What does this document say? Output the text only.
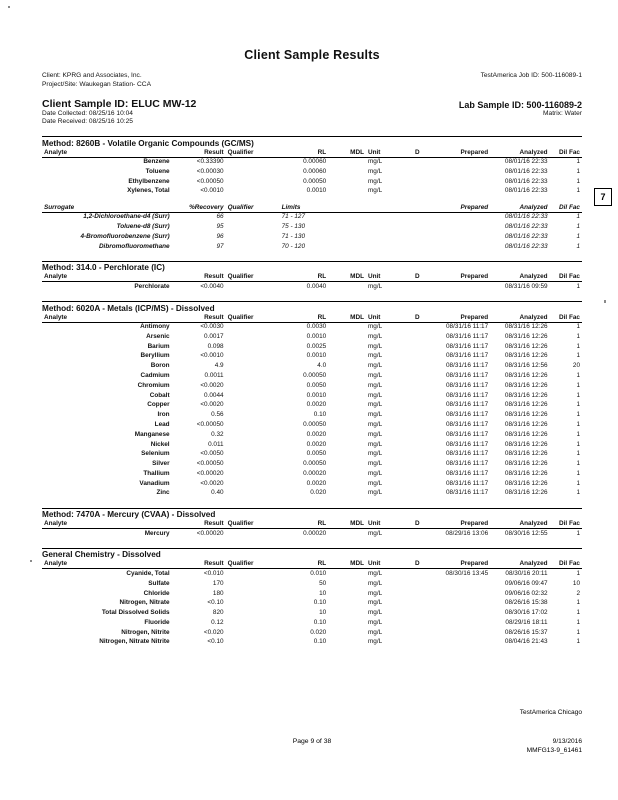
Client Sample Results
Client: KPRG and Associates, Inc.	TestAmerica Job ID: 500-116089-1
Project/Site: Waukegan Station- CCA
Client Sample ID: ELUC MW-12	Lab Sample ID: 500-116089-2
Date Collected: 08/25/16 10:04	Matrix: Water
Date Received: 08/25/16 10:25
Method: 8260B - Volatile Organic Compounds (GC/MS)
Analyte	Result	Qualifier	RL	MDL	Unit	D	Prepared	Analyzed	Dil Fac
Benzene	<0.33390		0.00060		mg/L			08/01/16 22:33	1
Toluene	<0.00030		0.00060		mg/L			08/01/16 22:33	1
Ethylbenzene	<0.00050		0.00050		mg/L			08/01/16 22:33	1
Xylenes, Total	<0.0010		0.0010		mg/L			08/01/16 22:33	1
Surrogate	%Recovery	Qualifier	Limits				Prepared	Analyzed	Dil Fac
1,2-Dichloroethane-d4 (Surr)	66		71 - 127					08/01/16 22:33	1
Toluene-d8 (Surr)	95		75 - 130					08/01/16 22:33	1
4-Bromofluorobenzene (Surr)	96		71 - 130					08/01/16 22:33	1
Dibromofluoromethane	97		70 - 120					08/01/16 22:33	1
Method: 314.0 - Perchlorate (IC)
Analyte	Result	Qualifier	RL	MDL	Unit	D	Prepared	Analyzed	Dil Fac
Perchlorate	<0.0040		0.0040		mg/L			08/31/16 09:59	1
Method: 6020A - Metals (ICP/MS) - Dissolved
Analyte	Result	Qualifier	RL	MDL	Unit	D	Prepared	Analyzed	Dil Fac
Antimony	<0.0030		0.0030		mg/L		08/31/16 11:17	08/31/16 12:26	1
Arsenic	0.0017		0.0010		mg/L		08/31/16 11:17	08/31/16 12:26	1
Barium	0.098		0.0025		mg/L		08/31/16 11:17	08/31/16 12:26	1
Beryllium	<0.0010		0.0010		mg/L		08/31/16 11:17	08/31/16 12:26	1
Boron	4.9		4.0		mg/L		08/31/16 11:17	08/31/16 12:56	20
Cadmium	0.0011		0.00050		mg/L		08/31/16 11:17	08/31/16 12:26	1
Chromium	<0.0020		0.0050		mg/L		08/31/16 11:17	08/31/16 12:26	1
Cobalt	0.0044		0.0010		mg/L		08/31/16 11:17	08/31/16 12:26	1
Copper	<0.0020		0.0020		mg/L		08/31/16 11:17	08/31/16 12:26	1
Iron	0.56		0.10		mg/L		08/31/16 11:17	08/31/16 12:26	1
Lead	<0.00050		0.00050		mg/L		08/31/16 11:17	08/31/16 12:26	1
Manganese	0.32		0.0020		mg/L		08/31/16 11:17	08/31/16 12:26	1
Nickel	0.011		0.0020		mg/L		08/31/16 11:17	08/31/16 12:26	1
Selenium	<0.0050		0.0050		mg/L		08/31/16 11:17	08/31/16 12:26	1
Silver	<0.00050		0.00050		mg/L		08/31/16 11:17	08/31/16 12:26	1
Thallium	<0.00020		0.00020		mg/L		08/31/16 11:17	08/31/16 12:26	1
Vanadium	<0.0020		0.0020		mg/L		08/31/16 11:17	08/31/16 12:26	1
Zinc	0.40		0.020		mg/L		08/31/16 11:17	08/31/16 12:26	1
Method: 7470A - Mercury (CVAA) - Dissolved
Analyte	Result	Qualifier	RL	MDL	Unit	D	Prepared	Analyzed	Dil Fac
Mercury	<0.00020		0.00020		mg/L		08/29/16 13:06	08/30/16 12:55	1
General Chemistry - Dissolved
Analyte	Result	Qualifier	RL	MDL	Unit	D	Prepared	Analyzed	Dil Fac
Cyanide, Total	<0.010		0.010		mg/L		08/30/16 13:45	08/30/16 20:11	1
Sulfate	170		50		mg/L			09/06/16 09:47	10
Chloride	180		10		mg/L			09/06/16 02:32	2
Nitrogen, Nitrate	<0.10		0.10		mg/L			08/26/16 15:38	1
Total Dissolved Solids	820		10		mg/L			08/30/16 17:02	1
Fluoride	0.12		0.10		mg/L			08/29/16 18:11	1
Nitrogen, Nitrite	<0.020		0.020		mg/L			08/26/16 15:37	1
Nitrogen, Nitrate Nitrite	<0.10		0.10		mg/L			08/04/16 21:43	1
TestAmerica Chicago
Page 9 of 38	9/13/2016
MMFG13-9_61461
7
